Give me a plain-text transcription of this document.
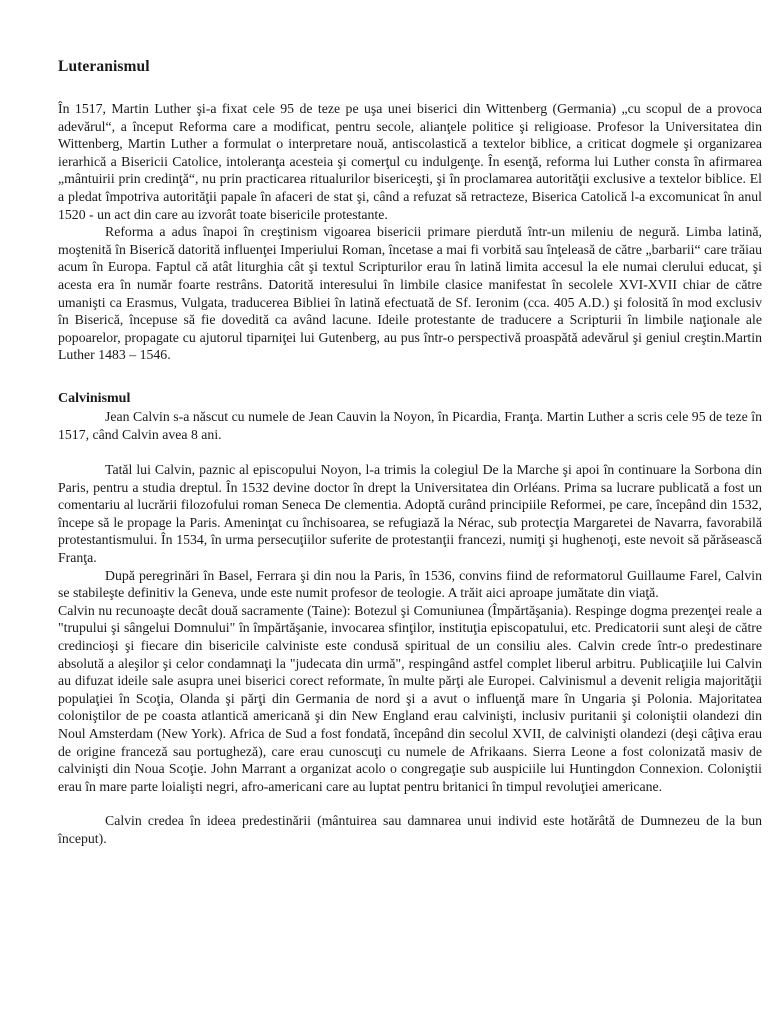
Luteranismul

În 1517, Martin Luther şi-a fixat cele 95 de teze pe uşa unei biserici din Wittenberg (Germania) „cu scopul de a provoca adevărul“, a început Reforma care a modificat, pentru secole, alianţele politice şi religioase. Profesor la Universitatea din Wittenberg, Martin Luther a formulat o interpretare nouă, antiscolastică a textelor biblice, a criticat dogmele şi organizarea ierarhică a Bisericii Catolice, intoleranţa acesteia şi comerţul cu indulgenţe. În esenţă, reforma lui Luther consta în afirmarea „mântuirii prin credinţă“, nu prin practicarea ritualurilor bisericeşti, şi în proclamarea autorităţii exclusive a textelor biblice. El a pledat împotriva autorităţii papale în afaceri de stat şi, când a refuzat să retracteze, Biserica Catolică l-a excomunicat în anul 1520 - un act din care au izvorât toate bisericile protestante.

Reforma a adus înapoi în creştinism vigoarea bisericii primare pierdută într-un mileniu de negură. Limba latină, moştenită în Biserică datorită influenţei Imperiului Roman, încetase a mai fi vorbită sau înţeleasă de către „barbarii“ care trăiau acum în Europa. Faptul că atât liturghia cât şi textul Scripturilor erau în latină limita accesul la ele numai clerului educat, şi acesta era în număr foarte restrâns. Datorită interesului în limbile clasice manifestat în secolele XVI-XVII chiar de către umanişti ca Erasmus, Vulgata, traducerea Bibliei în latină efectuată de Sf. Ieronim (cca. 405 A.D.) şi folosită în mod exclusiv în Biserică, începuse să fie dovedită ca având lacune. Ideile protestante de traducere a Scripturii în limbile naţionale ale popoarelor, propagate cu ajutorul tiparniţei lui Gutenberg, au pus într-o perspectivă proaspătă adevărul şi geniul creştin.Martin Luther 1483 – 1546.

Calvinismul

Jean Calvin s-a născut cu numele de Jean Cauvin la Noyon, în Picardia, Franţa. Martin Luther a scris cele 95 de teze în 1517, când Calvin avea 8 ani.

Tatăl lui Calvin, paznic al episcopului Noyon, l-a trimis la colegiul De la Marche şi apoi în continuare la Sorbona din Paris, pentru a studia dreptul. În 1532 devine doctor în drept la Universitatea din Orléans. Prima sa lucrare publicată a fost un comentariu al lucrării filozofului roman Seneca De clementia. Adoptă curând principiile Reformei, pe care, începând din 1532, începe să le propage la Paris. Ameninţat cu închisoarea, se refugiază la Nérac, sub protecţia Margaretei de Navarra, favorabilă protestantismului. În 1534, în urma persecuţiilor suferite de protestanţii francezi, numiţi şi hughenoţi, este nevoit să părăsească Franţa.

După peregrinări în Basel, Ferrara şi din nou la Paris, în 1536, convins fiind de reformatorul Guillaume Farel, Calvin se stabileşte definitiv la Geneva, unde este numit profesor de teologie. A trăit aici aproape jumătate din viaţă.

Calvin nu recunoaşte decât două sacramente (Taine): Botezul şi Comuniunea (Împărtăşania). Respinge dogma prezenţei reale a "trupului şi sângelui Domnului" în împărtăşanie, invocarea sfinţilor, instituţia episcopatului, etc. Predicatorii sunt aleşi de către credincioşi şi fiecare din bisericile calviniste este condusă spiritual de un consiliu ales. Calvin crede într-o predestinare absolută a aleşilor şi celor condamnaţi la "judecata din urmă", respingând astfel complet liberul arbitru. Publicaţiile lui Calvin au difuzat ideile sale asupra unei biserici corect reformate, în multe părţi ale Europei. Calvinismul a devenit religia majorităţii populaţiei în Scoţia, Olanda şi părţi din Germania de nord şi a avut o influenţă mare în Ungaria şi Polonia. Majoritatea coloniştilor de pe coasta atlantică americană şi din New England erau calvinişti, inclusiv puritanii şi coloniştii olandezi din Noul Amsterdam (New York). Africa de Sud a fost fondată, începând din secolul XVII, de calvinişti olandezi (deşi câţiva erau de origine franceză sau portugheză), care erau cunoscuţi cu numele de Afrikaans. Sierra Leone a fost colonizată masiv de calvinişti din Noua Scoţie. John Marrant a organizat acolo o congregaţie sub auspiciile lui Huntingdon Connexion. Coloniştii erau în mare parte loialişti negri, afro-americani care au luptat pentru britanici în timpul revoluţiei americane.

Calvin credea în ideea predestinării (mântuirea sau damnarea unui individ este hotărâtă de Dumnezeu de la bun început).
